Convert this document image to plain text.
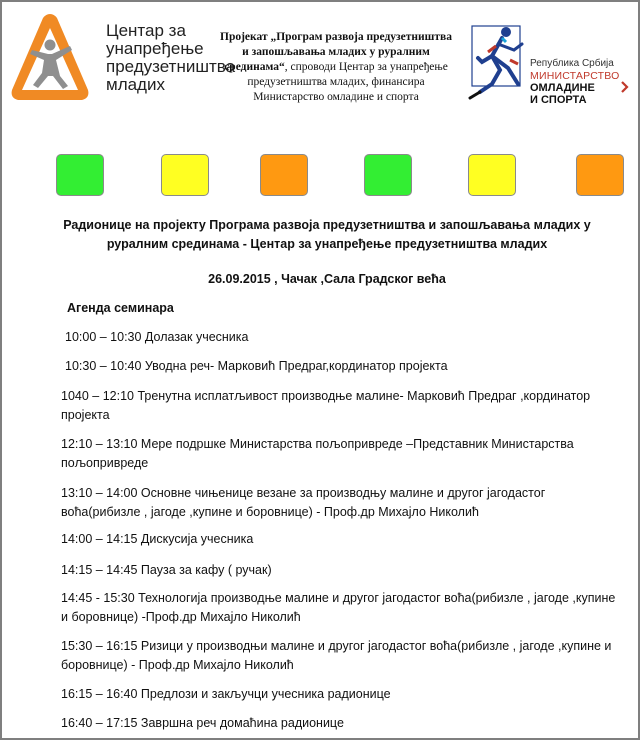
Центар за
унапређење
предузетништва
младих
Пројекат „Програм развоја предузетништва и запошљавања младих у руралним срединама“, спроводи Центар за унапређење предузетништва младих, финансира Министарство омладине и спорта
Република Србија
МИНИСТАРСТВО
ОМЛАДИНЕ
И СПОРТА
Радионице на пројекту Програма развоја предузетништва и запошљавања младих у руралним срединама - Центар за унапређење предузетништва младих
26.09.2015 , Чачак ,Сала Градског већа
Агенда семинара
10:00 – 10:30 Долазак учесника
10:30 – 10:40 Уводна реч- Марковић Предраг,кординатор пројекта
1040 – 12:10 Тренутна исплатљивост производње малине- Марковић Предраг ,кординатор пројекта
12:10 – 13:10 Мере подршке Министарства пољопривреде –Представник Министарства пољопривреде
13:10 – 14:00 Основне чињенице везане за производњу малине и другог јагодастог воћа(рибизле , јагоде ,купине и боровнице) - Проф.др Михајло Николић
14:00 – 14:15 Дискусија учесника
14:15 – 14:45 Пауза за кафу ( ручак)
14:45 - 15:30 Технологија производње малине и другог јагодастог воћа(рибизле , јагоде ,купине и боровнице) -Проф.др Михајло Николић
15:30 – 16:15 Ризици у производњи малине и другог јагодастог воћа(рибизле , јагоде ,купине и боровнице) - Проф.др Михајло Николић
16:15 – 16:40 Предлози и закључци учесника радионице
16:40 – 17:15 Завршна реч домаћина радионице
